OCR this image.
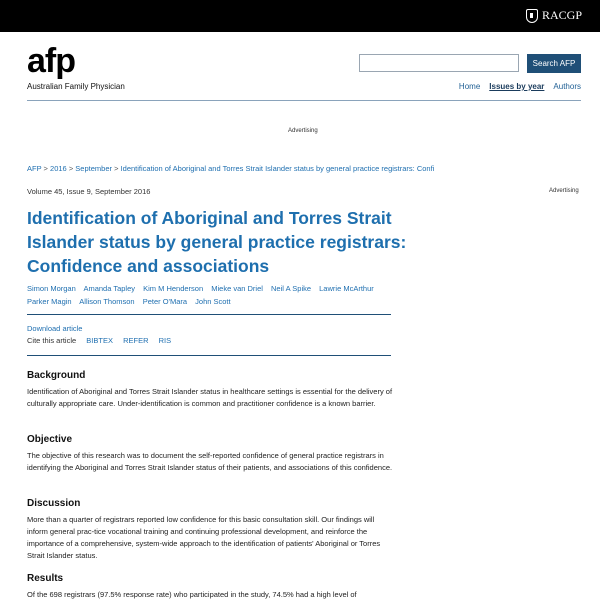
RACGP
afp
Australian Family Physician
Search AFP
Home Issues by year Authors
Advertising
AFP > 2016 > September > Identification of Aboriginal and Torres Strait Islander status by general practice registrars: Confi
Volume 45, Issue 9, September 2016	Advertising
Identification of Aboriginal and Torres Strait Islander status by general practice registrars: Confidence and associations
Simon Morgan Amanda Tapley Kim M Henderson Mieke van Driel Neil A Spike Lawrie McArthur Parker Magin Allison Thomson Peter O'Mara John Scott
Download article
Cite this article BIBTEX REFER RIS
Background

Identification of Aboriginal and Torres Strait Islander status in healthcare settings is essential for the delivery of culturally appropriate care. Under-identification is common and practitioner confidence is a known barrier.

Objective

The objective of this research was to document the self-reported confidence of general practice registrars in identifying the Aboriginal and Torres Strait Islander status of their patients, and associations of this confidence.

Discussion

More than a quarter of registrars reported low confidence for this basic consultation skill. Our findings will inform general prac-tice vocational training and continuing professional development, and reinforce the importance of a comprehensive, system-wide approach to the identification of patients' Aboriginal or Torres Strait Islander status.

Results

Of the 698 registrars (97.5% response rate) who participated in the study, 74.5% had a high level of
